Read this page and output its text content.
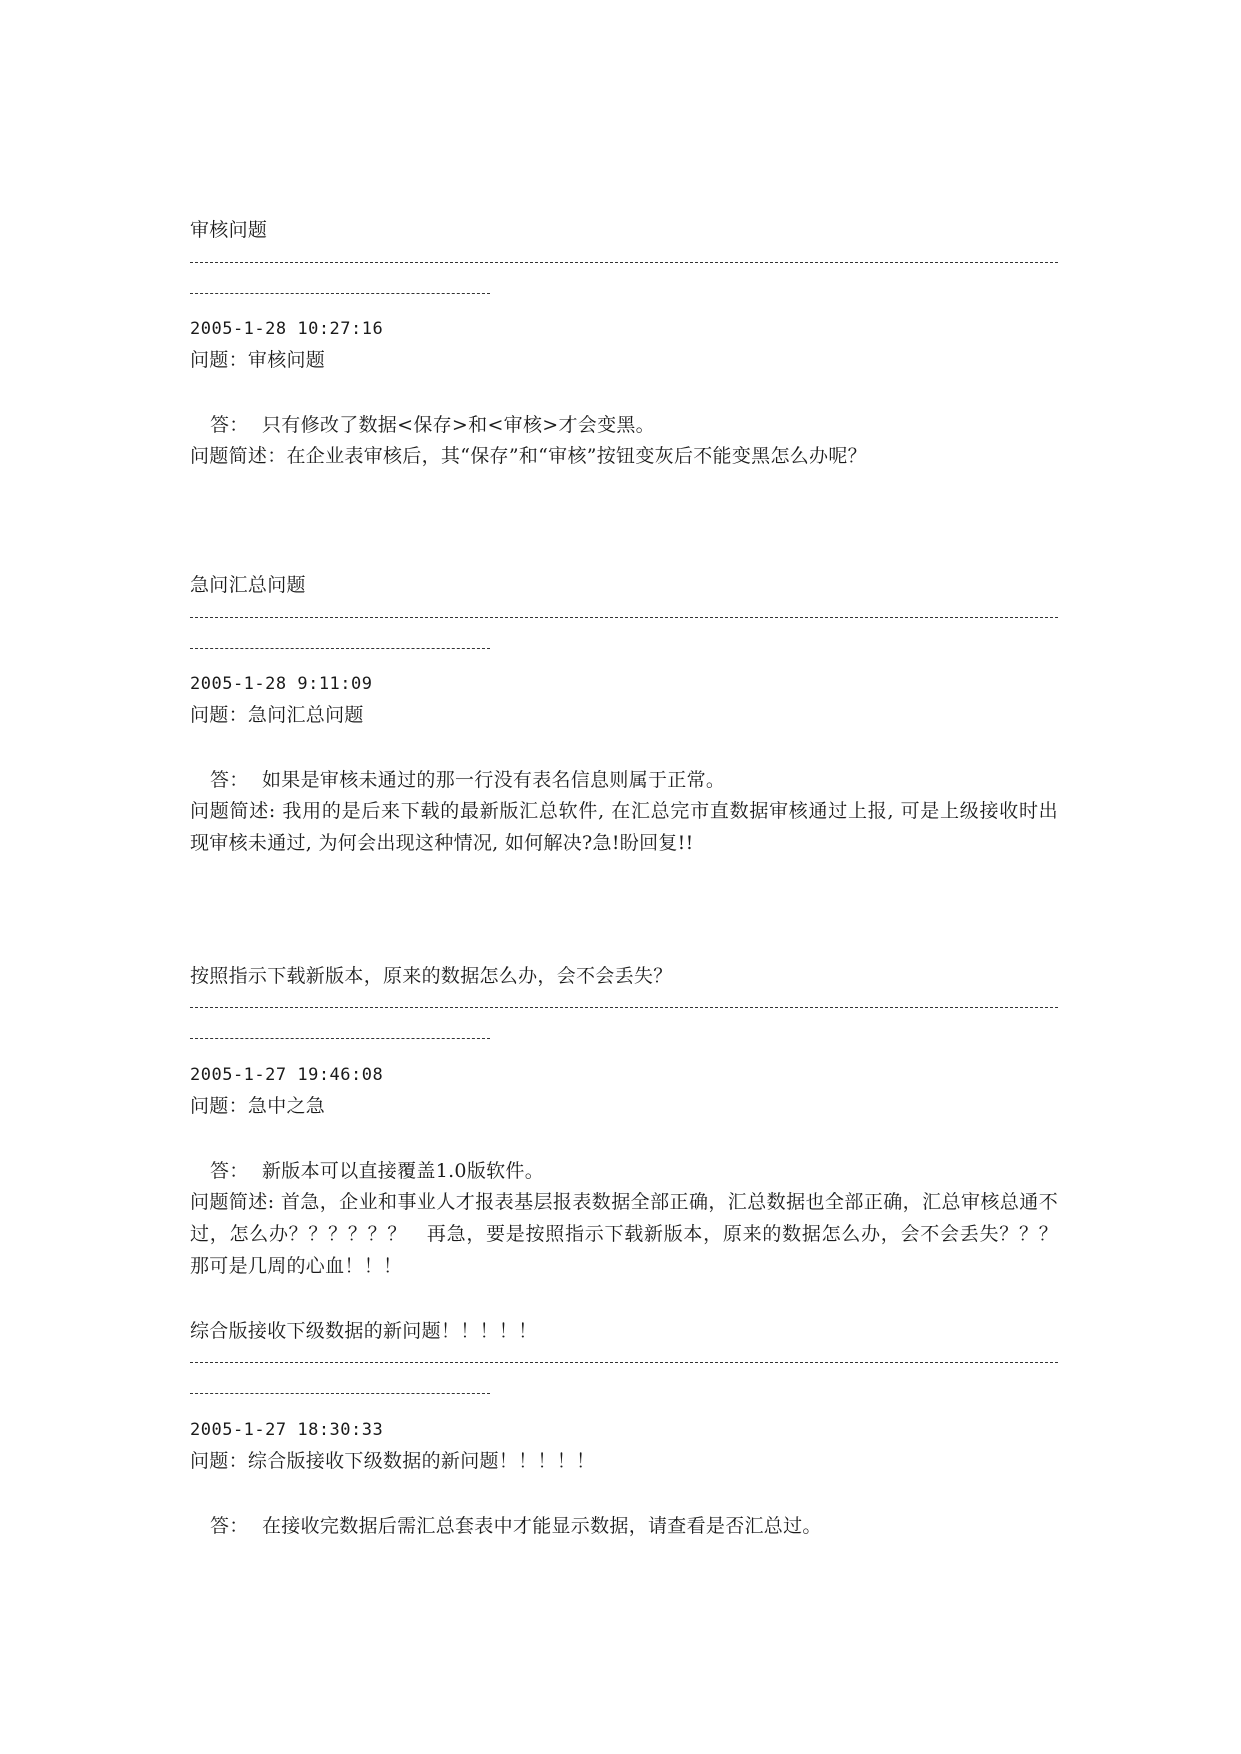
审核问题
2005-1-28 10:27:16
问题：审核问题
答： 只有修改了数据<保存>和<审核>才会变黑。
问题简述：在企业表审核后，其“保存”和“审核”按钮变灰后不能变黑怎么办呢？
急问汇总问题
2005-1-28 9:11:09
问题：急问汇总问题
答： 如果是审核未通过的那一行没有表名信息则属于正常。
问题简述: 我用的是后来下载的最新版汇总软件, 在汇总完市直数据审核通过上报, 可是上级接收时出现审核未通过, 为何会出现这种情况, 如何解决?急!盼回复!!
按照指示下载新版本，原来的数据怎么办，会不会丢失？
2005-1-27 19:46:08
问题：急中之急
答： 新版本可以直接覆盖1.0版软件。
问题简述: 首急，企业和事业人才报表基层报表数据全部正确，汇总数据也全部正确，汇总审核总通不过，怎么办？？？？？？　再急，要是按照指示下载新版本，原来的数据怎么办，会不会丢失？？？那可是几周的心血！！！
综合版接收下级数据的新问题！！！！！
2005-1-27 18:30:33
问题：综合版接收下级数据的新问题！！！！！
答： 在接收完数据后需汇总套表中才能显示数据，请查看是否汇总过。
